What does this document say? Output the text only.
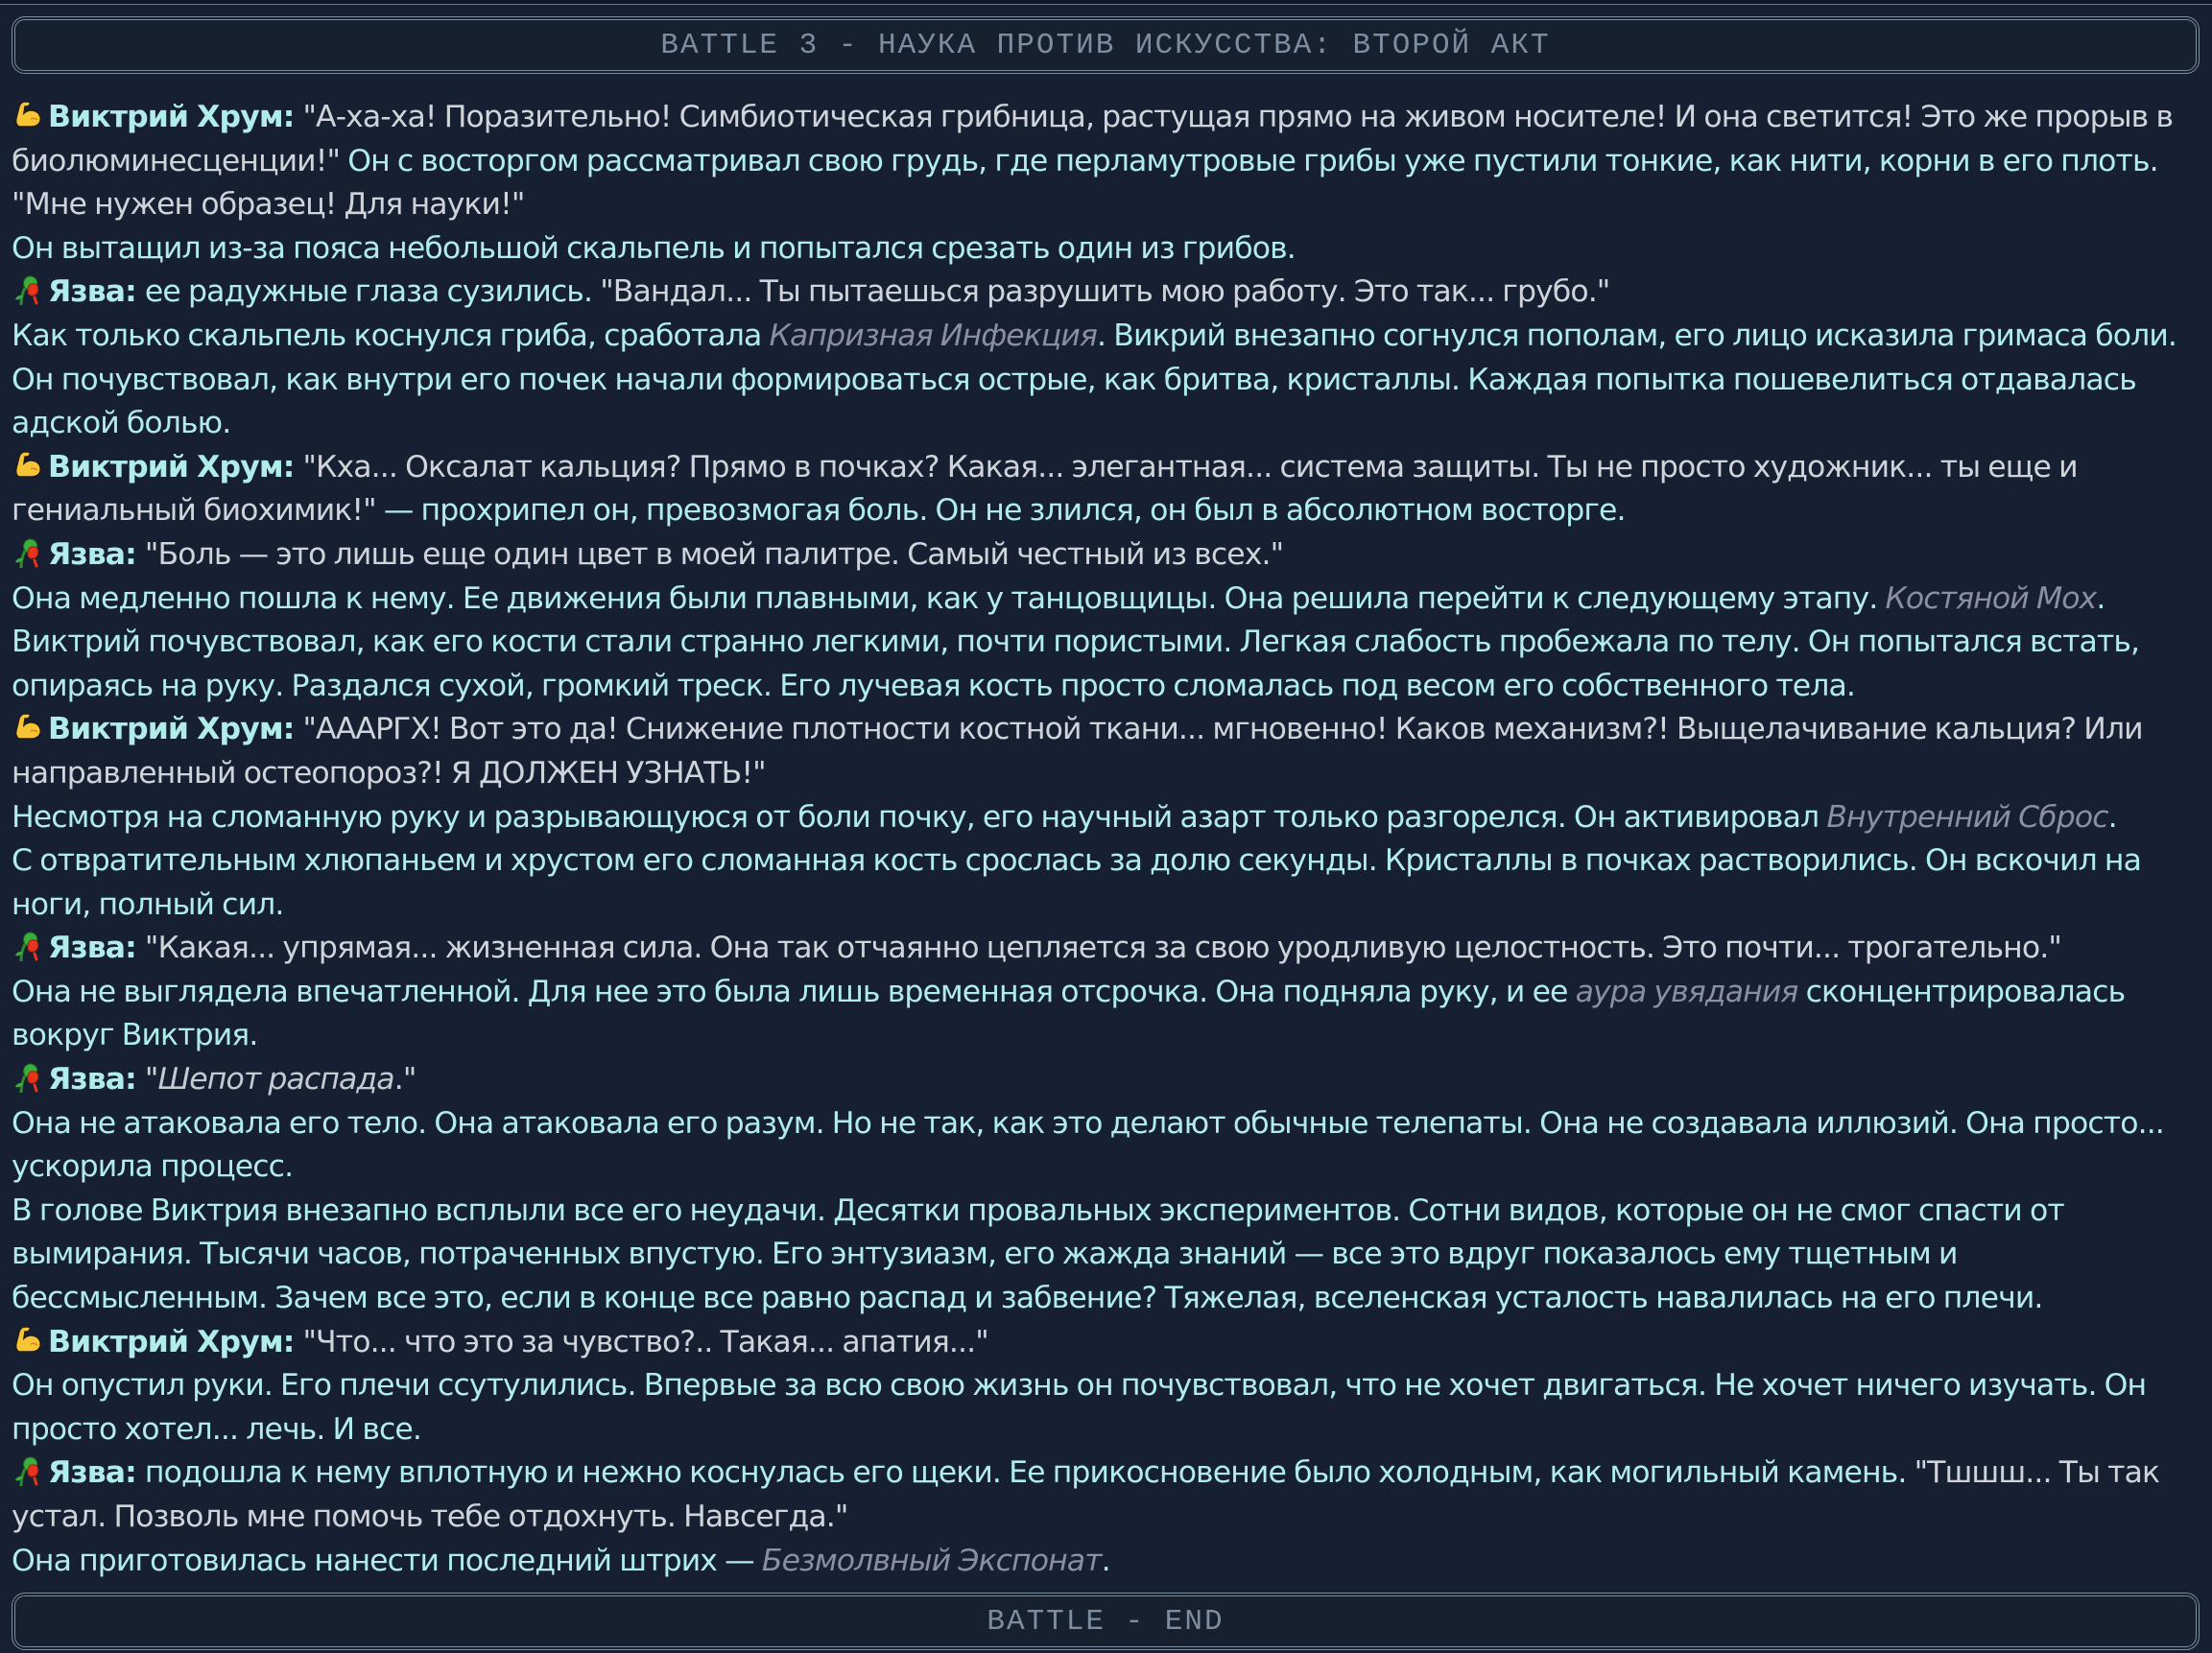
BATTLE 3 - НАУКА ПРОТИВ ИСКУССТВА: ВТОРОЙ АКТ
Виктрий Хрум: "А-ха-ха! Поразительно! Симбиотическая грибница, растущая прямо на живом носителе! И она светится! Это же прорыв в биолюминесценции!" Он с восторгом рассматривал свою грудь, где перламутровые грибы уже пустили тонкие, как нити, корни в его плоть. "Мне нужен образец! Для науки!"
Он вытащил из-за пояса небольшой скальпель и попытался срезать один из грибов.
Язва: ее радужные глаза сузились. "Вандал... Ты пытаешься разрушить мою работу. Это так... грубо."
Как только скальпель коснулся гриба, сработала Капризная Инфекция. Викрий внезапно согнулся пополам, его лицо исказила гримаса боли.
Он почувствовал, как внутри его почек начали формироваться острые, как бритва, кристаллы. Каждая попытка пошевелиться отдавалась адской болью.
Виктрий Хрум: "Кха... Оксалат кальция? Прямо в почках? Какая... элегантная... система защиты. Ты не просто художник... ты еще и гениальный биохимик!" — прохрипел он, превозмогая боль. Он не злился, он был в абсолютном восторге.
Язва: "Боль — это лишь еще один цвет в моей палитре. Самый честный из всех."
Она медленно пошла к нему. Ее движения были плавными, как у танцовщицы. Она решила перейти к следующему этапу. Костяной Мох.
Виктрий почувствовал, как его кости стали странно легкими, почти пористыми. Легкая слабость пробежала по телу. Он попытался встать, опираясь на руку. Раздался сухой, громкий треск. Его лучевая кость просто сломалась под весом его собственного тела.
Виктрий Хрум: "АААРГХ! Вот это да! Снижение плотности костной ткани... мгновенно! Каков механизм?! Выщелачивание кальция? Или направленный остеопороз?! Я ДОЛЖЕН УЗНАТЬ!"
Несмотря на сломанную руку и разрывающуюся от боли почку, его научный азарт только разгорелся. Он активировал Внутренний Сброс.
С отвратительным хлюпаньем и хрустом его сломанная кость срослась за долю секунды. Кристаллы в почках растворились. Он вскочил на ноги, полный сил.
Язва: "Какая... упрямая... жизненная сила. Она так отчаянно цепляется за свою уродливую целостность. Это почти... трогательно."
Она не выглядела впечатленной. Для нее это была лишь временная отсрочка. Она подняла руку, и ее аура увядания сконцентрировалась вокруг Виктрия.
Язва: "Шепот распада."
Она не атаковала его тело. Она атаковала его разум. Но не так, как это делают обычные телепаты. Она не создавала иллюзий. Она просто... ускорила процесс.
В голове Виктрия внезапно всплыли все его неудачи. Десятки провальных экспериментов. Сотни видов, которые он не смог спасти от вымирания. Тысячи часов, потраченных впустую. Его энтузиазм, его жажда знаний — все это вдруг показалось ему тщетным и бессмысленным. Зачем все это, если в конце все равно распад и забвение? Тяжелая, вселенская усталость навалилась на его плечи.
Виктрий Хрум: "Что... что это за чувство?.. Такая... апатия..."
Он опустил руки. Его плечи ссутулились. Впервые за всю свою жизнь он почувствовал, что не хочет двигаться. Не хочет ничего изучать. Он просто хотел... лечь. И все.
Язва: подошла к нему вплотную и нежно коснулась его щеки. Ее прикосновение было холодным, как могильный камень. "Тшшш... Ты так устал. Позволь мне помочь тебе отдохнуть. Навсегда."
Она приготовилась нанести последний штрих — Безмолвный Экспонат.
BATTLE - END
